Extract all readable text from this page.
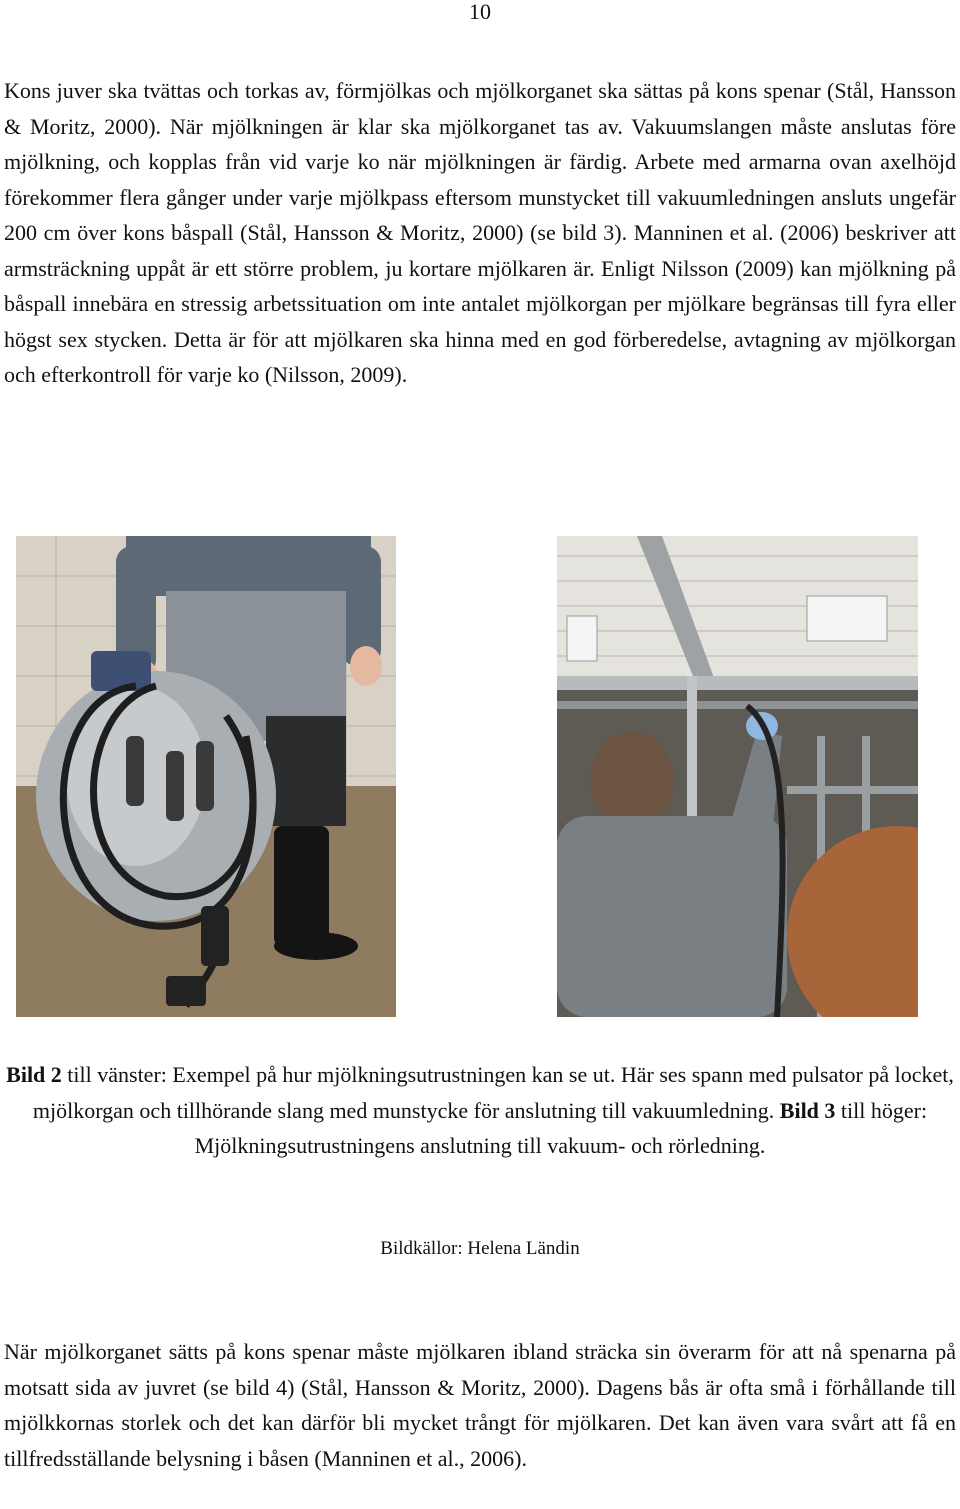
10

Kons juver ska tvättas och torkas av, förmjölkas och mjölkorganet ska sättas på kons spenar (Stål, Hansson & Moritz, 2000). När mjölkningen är klar ska mjölkorganet tas av. Vakuumslangen måste anslutas före mjölkning, och kopplas från vid varje ko när mjölkningen är färdig. Arbete med armarna ovan axelhöjd förekommer flera gånger under varje mjölkpass eftersom munstycket till vakuumledningen ansluts ungefär 200 cm över kons båspall (Stål, Hansson & Moritz, 2000) (se bild 3). Manninen et al. (2006) beskriver att armsträckning uppåt är ett större problem, ju kortare mjölkaren är. Enligt Nilsson (2009) kan mjölkning på båspall innebära en stressig arbetssituation om inte antalet mjölkorgan per mjölkare begränsas till fyra eller högst sex stycken. Detta är för att mjölkaren ska hinna med en god förberedelse, avtagning av mjölkorgan och efterkontroll för varje ko (Nilsson, 2009).

Bild 2 till vänster: Exempel på hur mjölkningsutrustningen kan se ut. Här ses spann med pulsator på locket, mjölkorgan och tillhörande slang med munstycke för anslutning till vakuumledning. Bild 3 till höger: Mjölkningsutrustningens anslutning till vakuum- och rörledning.

Bildkällor: Helena Ländin

När mjölkorganet sätts på kons spenar måste mjölkaren ibland sträcka sin överarm för att nå spenarna på motsatt sida av juvret (se bild 4) (Stål, Hansson & Moritz, 2000). Dagens bås är ofta små i förhållande till mjölkkornas storlek och det kan därför bli mycket trångt för mjölkaren. Det kan även vara svårt att få en tillfredsställande belysning i båsen (Manninen et al., 2006).
